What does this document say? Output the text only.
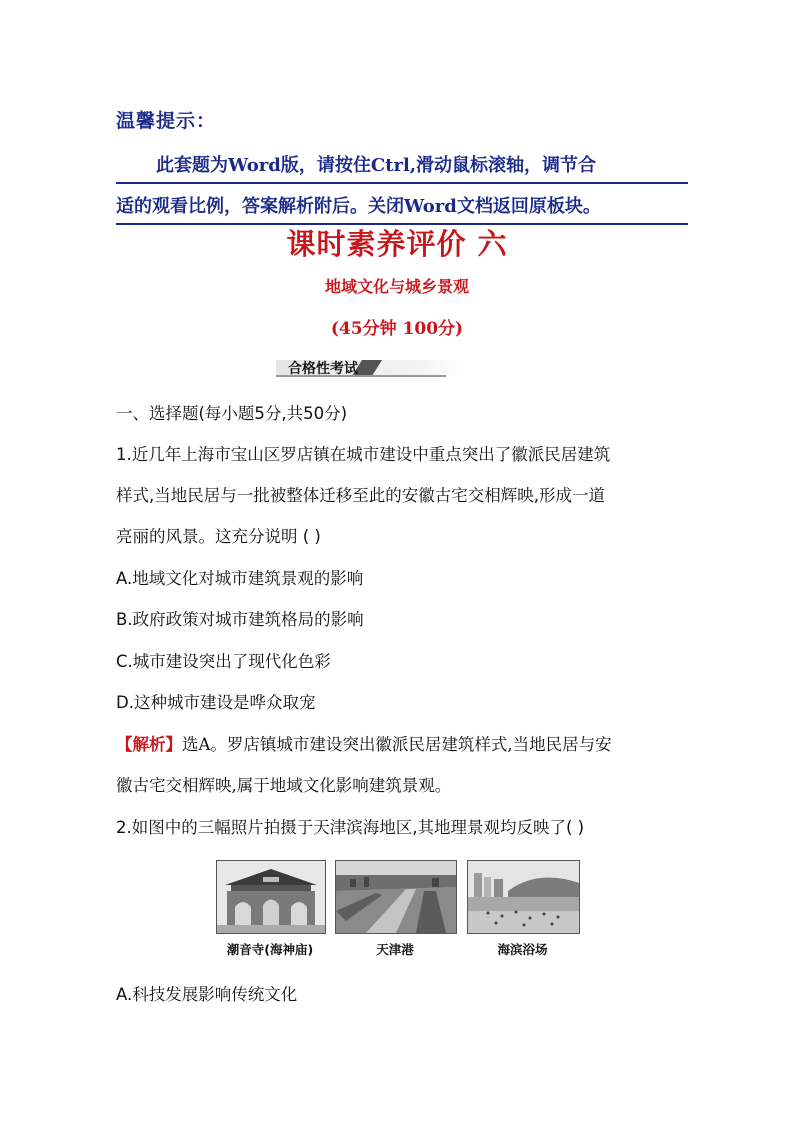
温馨提示：
此套题为Word版，请按住Ctrl,滑动鼠标滚轴，调节合
适的观看比例，答案解析附后。关闭Word文档返回原板块。
课时素养评价 六
地域文化与城乡景观
(45分钟 100分)
合格性考试
一、选择题(每小题5分,共50分)
1.近几年上海市宝山区罗店镇在城市建设中重点突出了徽派民居建筑
样式,当地民居与一批被整体迁移至此的安徽古宅交相辉映,形成一道
亮丽的风景。这充分说明 ( )
A.地域文化对城市建筑景观的影响
B.政府政策对城市建筑格局的影响
C.城市建设突出了现代化色彩
D.这种城市建设是哗众取宠
【解析】选A。罗店镇城市建设突出徽派民居建筑样式,当地民居与安
徽古宅交相辉映,属于地域文化影响建筑景观。
2.如图中的三幅照片拍摄于天津滨海地区,其地理景观均反映了( )
潮音寺(海神庙)	天津港	海滨浴场
A.科技发展影响传统文化
